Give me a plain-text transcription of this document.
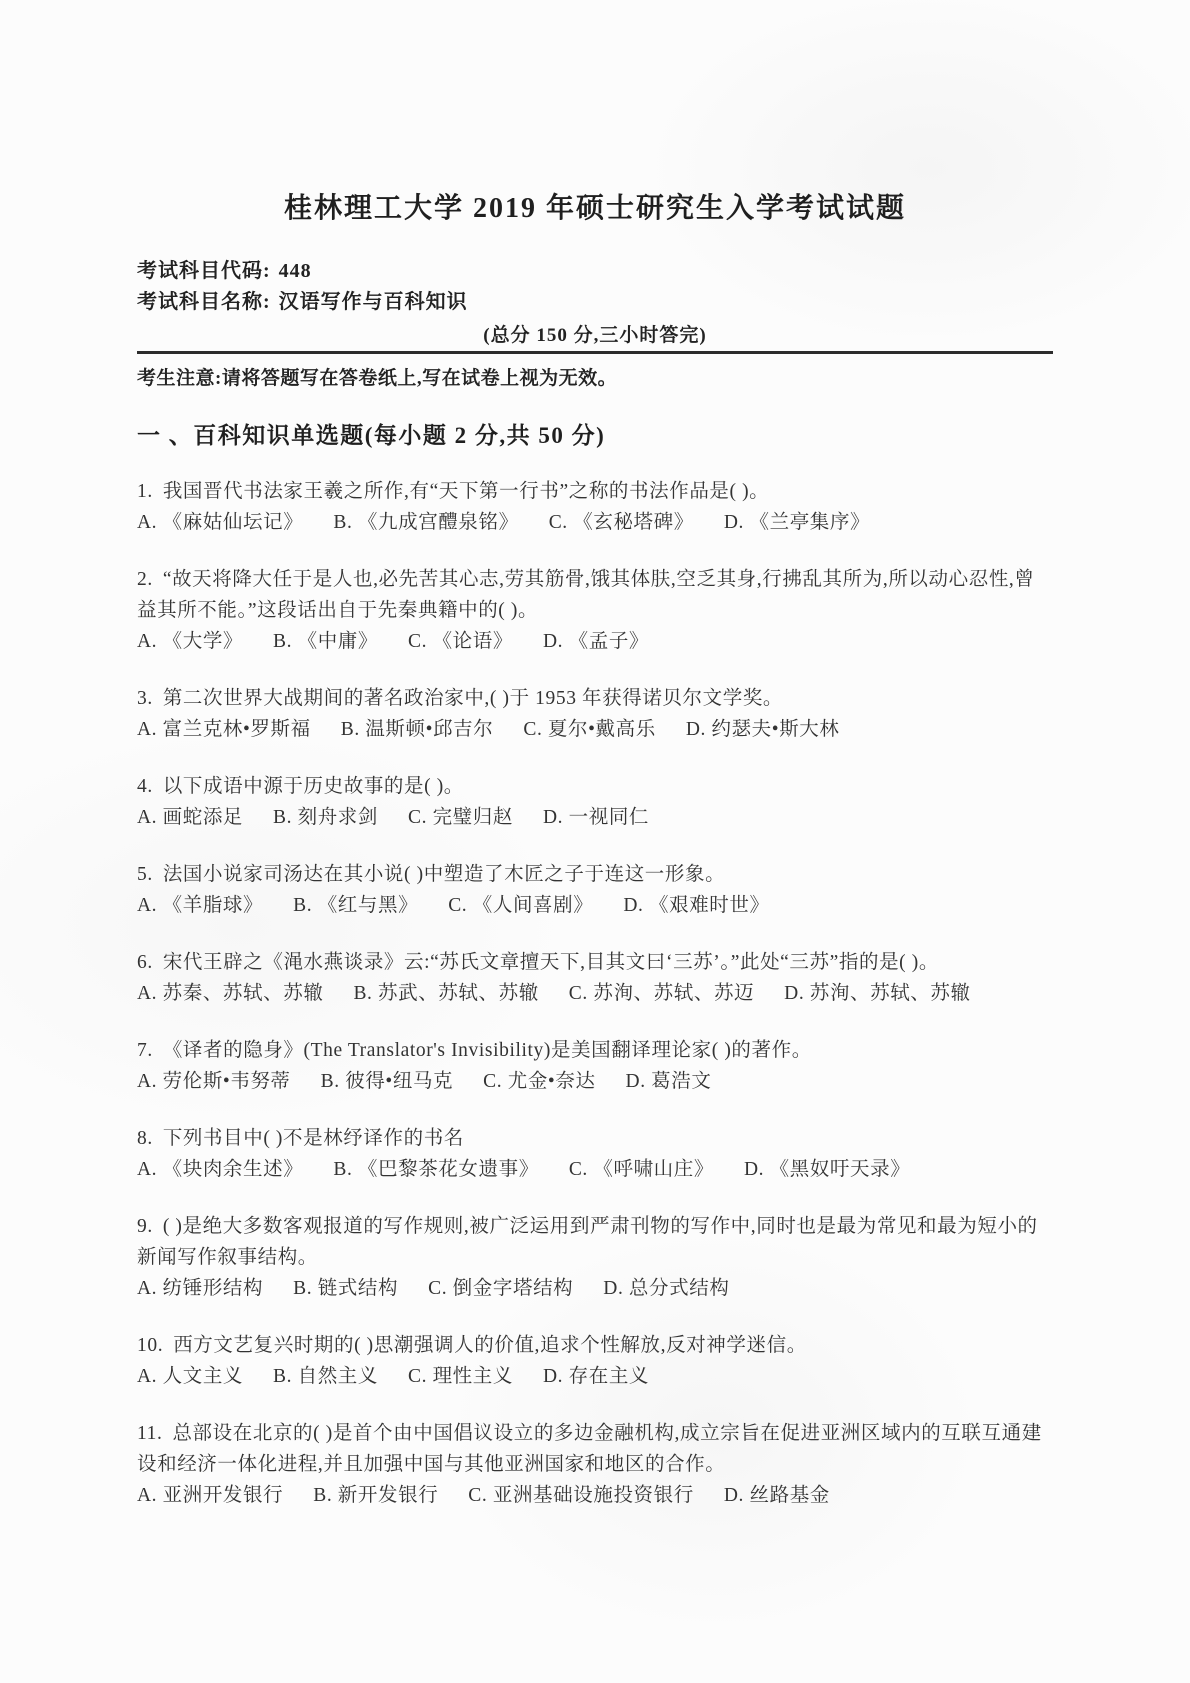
桂林理工大学 2019 年硕士研究生入学考试试题
考试科目代码: 448
考试科目名称: 汉语写作与百科知识
(总分 150 分,三小时答完)
考生注意:请将答题写在答卷纸上,写在试卷上视为无效。
一 、百科知识单选题(每小题 2 分,共 50 分)
1. 我国晋代书法家王羲之所作,有“天下第一行书”之称的书法作品是( )。
A. 《麻姑仙坛记》 B. 《九成宫醴泉铭》 C. 《玄秘塔碑》 D. 《兰亭集序》
2. “故天将降大任于是人也,必先苦其心志,劳其筋骨,饿其体肤,空乏其身,行拂乱其所为,所以动心忍性,曾益其所不能。”这段话出自于先秦典籍中的( )。
A. 《大学》 B. 《中庸》 C. 《论语》 D. 《孟子》
3. 第二次世界大战期间的著名政治家中,( )于 1953 年获得诺贝尔文学奖。
A. 富兰克林•罗斯福 B. 温斯顿•邱吉尔 C. 夏尔•戴高乐 D. 约瑟夫•斯大林
4. 以下成语中源于历史故事的是( )。
A. 画蛇添足 B. 刻舟求剑 C. 完璧归赵 D. 一视同仁
5. 法国小说家司汤达在其小说( )中塑造了木匠之子于连这一形象。
A. 《羊脂球》 B. 《红与黑》 C. 《人间喜剧》 D. 《艰难时世》
6. 宋代王辟之《渑水燕谈录》云:“苏氏文章擅天下,目其文曰‘三苏’。”此处“三苏”指的是( )。
A. 苏秦、苏轼、苏辙 B. 苏武、苏轼、苏辙 C. 苏洵、苏轼、苏迈 D. 苏洵、苏轼、苏辙
7. 《译者的隐身》(The Translator's Invisibility)是美国翻译理论家( )的著作。
A. 劳伦斯•韦努蒂 B. 彼得•纽马克 C. 尤金•奈达 D. 葛浩文
8. 下列书目中( )不是林纾译作的书名
A. 《块肉余生述》 B. 《巴黎茶花女遗事》 C. 《呼啸山庄》 D. 《黑奴吁天录》
9. ( )是绝大多数客观报道的写作规则,被广泛运用到严肃刊物的写作中,同时也是最为常见和最为短小的新闻写作叙事结构。
A. 纺锤形结构 B. 链式结构 C. 倒金字塔结构 D. 总分式结构
10. 西方文艺复兴时期的( )思潮强调人的价值,追求个性解放,反对神学迷信。
A. 人文主义 B. 自然主义 C. 理性主义 D. 存在主义
11. 总部设在北京的( )是首个由中国倡议设立的多边金融机构,成立宗旨在促进亚洲区域内的互联互通建设和经济一体化进程,并且加强中国与其他亚洲国家和地区的合作。
A. 亚洲开发银行 B. 新开发银行 C. 亚洲基础设施投资银行 D. 丝路基金
